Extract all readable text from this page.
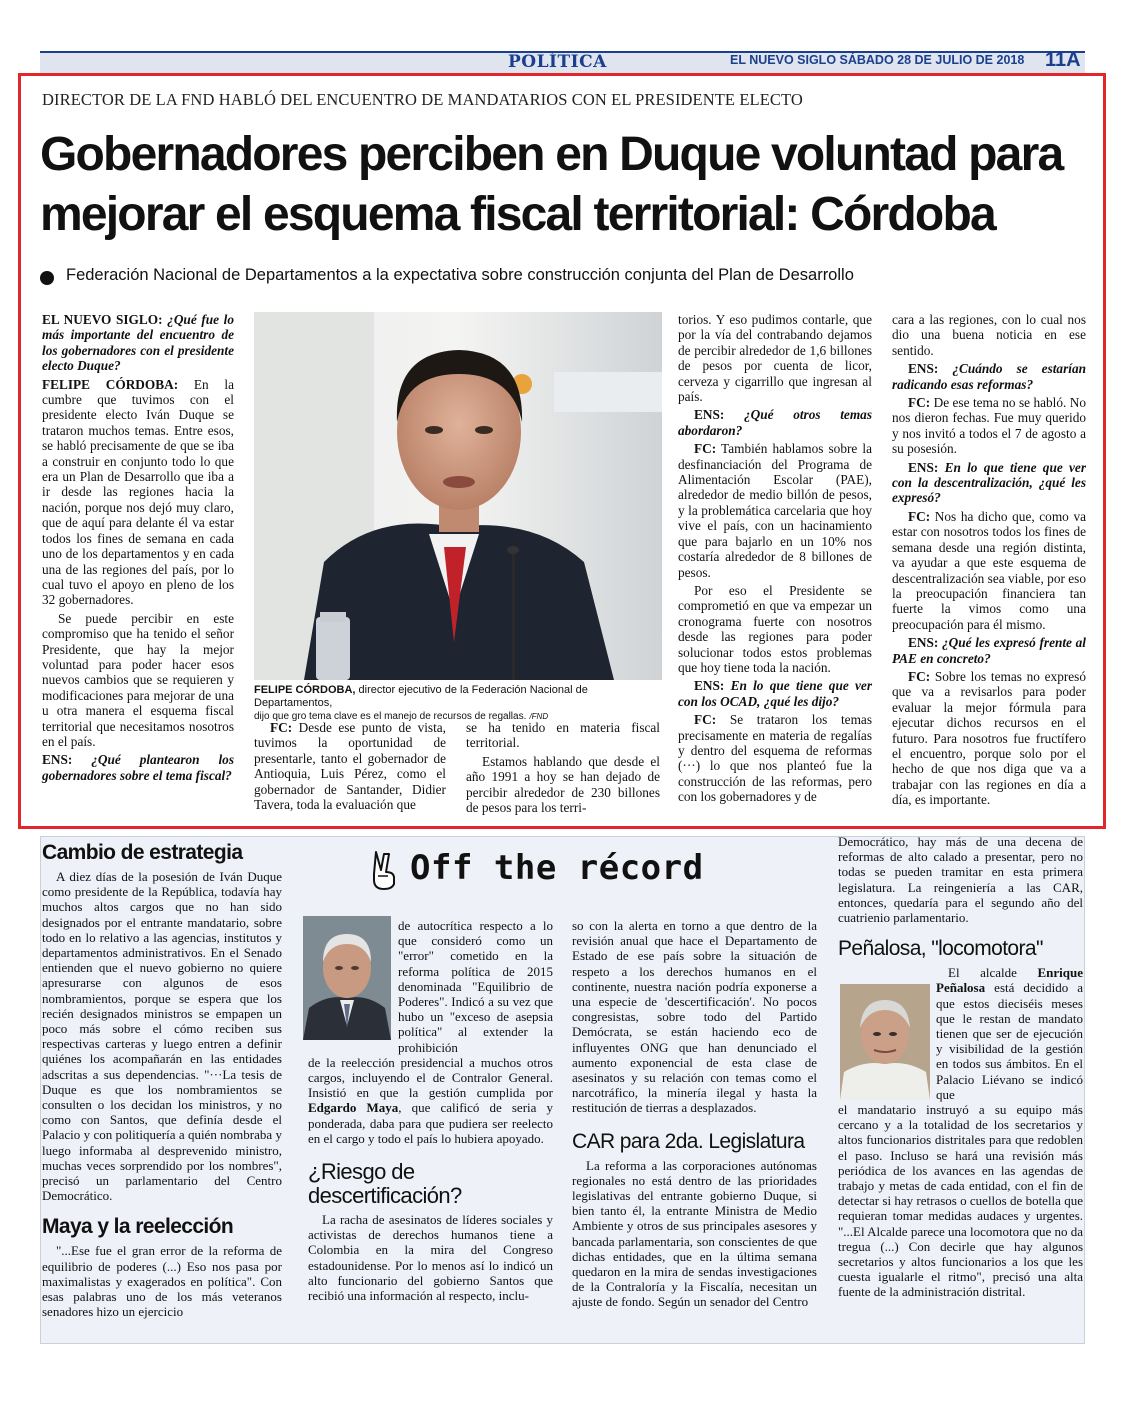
POLÍTICA	EL NUEVO SIGLO SÁBADO 28 DE JULIO DE 2018 11A
DIRECTOR DE LA FND HABLÓ DEL ENCUENTRO DE MANDATARIOS CON EL PRESIDENTE ELECTO
Gobernadores perciben en Duque voluntad para
mejorar el esquema fiscal territorial: Córdoba
Federación Nacional de Departamentos a la expectativa sobre construcción conjunta del Plan de Desarrollo
FELIPE CÓRDOBA, director ejecutivo de la Federación Nacional de Departamentos,
dijo que gro tema clave es el manejo de recursos de regallas. /FND

EL NUEVO SIGLO: ¿Qué fue lo más importante del encuentro de los gobernadores con el presidente electo Duque?

FELIPE CÓRDOBA: En la cumbre que tuvimos con el presidente electo Iván Duque se trataron muchos temas. Entre esos, se habló precisamente de que se iba a construir en conjunto todo lo que era un Plan de Desarrollo que iba a ir desde las regiones hacia la nación, porque nos dejó muy claro, que de aquí para delante él va estar todos los fines de semana en cada uno de los departamentos y en cada una de las regiones del país, por lo cual tuvo el apoyo en pleno de los 32 gobernadores.

Se puede percibir en este compromiso que ha tenido el señor Presidente, que hay la mejor voluntad para poder hacer esos nuevos cambios que se requieren y modificaciones para mejorar de una u otra manera el esquema fiscal territorial que necesitamos nosotros en el país.

ENS: ¿Qué plantearon los gobernadores sobre el tema fiscal?

FC: Desde ese punto de vista, tuvimos la oportunidad de presentarle, tanto el gobernador de Antioquia, Luis Pérez, como el gobernador de Santander, Didier Tavera, toda la evaluación que

se ha tenido en materia fiscal territorial.

Estamos hablando que desde el año 1991 a hoy se han dejado de percibir alrededor de 230 billones de pesos para los terri-

torios. Y eso pudimos contarle, que por la vía del contrabando dejamos de percibir alrededor de 1,6 billones de pesos por cuenta de licor, cerveza y cigarrillo que ingresan al país.

ENS: ¿Qué otros temas abordaron?

FC: También hablamos sobre la desfinanciación del Programa de Alimentación Escolar (PAE), alrededor de medio billón de pesos, y la problemática carcelaria que hoy vive el país, con un hacinamiento que para bajarlo en un 10% nos costaría alrededor de 8 billones de pesos.

Por eso el Presidente se comprometió en que va empezar un cronograma fuerte con nosotros desde las regiones para poder solucionar todos estos problemas que hoy tiene toda la nación.

ENS: En lo que tiene que ver con los OCAD, ¿qué les dijo?

FC: Se trataron los temas precisamente en materia de regalías y dentro del esquema de reformas (···) lo que nos planteó fue la construcción de las reformas, pero con los gobernadores y de

cara a las regiones, con lo cual nos dio una buena noticia en ese sentido.

ENS: ¿Cuándo se estarían radicando esas reformas?

FC: De ese tema no se habló. No nos dieron fechas. Fue muy querido y nos invitó a todos el 7 de agosto a su posesión.

ENS: En lo que tiene que ver con la descentralización, ¿qué les expresó?

FC: Nos ha dicho que, como va estar con nosotros todos los fines de semana desde una región distinta, va ayudar a que este esquema de descentralización sea viable, por eso la preocupación financiera tan fuerte la vimos como una preocupación para él mismo.

ENS: ¿Qué les expresó frente al PAE en concreto?

FC: Sobre los temas no expresó que va a revisarlos para poder evaluar la mejor fórmula para ejecutar dichos recursos en el futuro. Para nosotros fue fructífero el encuentro, porque solo por el hecho de que nos diga que va a trabajar con las regiones en día a día, es importante.

Off the récord
Cambio de estrategia

A diez días de la posesión de Iván Duque como presidente de la República, todavía hay muchos altos cargos que no han sido designados por el entrante mandatario, sobre todo en lo relativo a las agencias, institutos y departamentos administrativos. En el Senado entienden que el nuevo gobierno no quiere apresurarse con algunos de esos nombramientos, porque se espera que los recién designados ministros se empapen un poco más sobre el cómo reciben sus respectivas carteras y luego entren a definir quiénes los acompañarán en las entidades adscritas a sus dependencias. "···La tesis de Duque es que los nombramientos se consulten o los decidan los ministros, y no como con Santos, que definía desde el Palacio y con politiquería a quién nombraba y luego informaba al desprevenido ministro, muchas veces sorprendido por los nombres", precisó un parlamentario del Centro Democrático.

Maya y la reelección

"...Ese fue el gran error de la reforma de equilibrio de poderes (...) Eso nos pasa por maximalistas y exagerados en política". Con esas palabras uno de los más veteranos senadores hizo un ejercicio

de autocrítica respecto a lo que consideró como un "error" cometido en la reforma política de 2015 denominada "Equilibrio de Poderes". Indicó a su vez que hubo un "exceso de asepsia política" al extender la prohibición

de la reelección presidencial a muchos otros cargos, incluyendo el de Contralor General. Insistió en que la gestión cumplida por Edgardo Maya, que calificó de seria y ponderada, daba para que pudiera ser reelecto en el cargo y todo el país lo hubiera apoyado.

¿Riesgo de
descertificación?

La racha de asesinatos de líderes sociales y activistas de derechos humanos tiene a Colombia en la mira del Congreso estadounidense. Por lo menos así lo indicó un alto funcionario del gobierno Santos que recibió una información al respecto, inclu-

so con la alerta en torno a que dentro de la revisión anual que hace el Departamento de Estado de ese país sobre la situación de respeto a los derechos humanos en el continente, nuestra nación podría exponerse a una especie de 'descertificación'. No pocos congresistas, sobre todo del Partido Demócrata, se están haciendo eco de influyentes ONG que han denunciado el aumento exponencial de esta clase de asesinatos y su relación con temas como el narcotráfico, la minería ilegal y hasta la restitución de tierras a desplazados.

CAR para 2da. Legislatura

La reforma a las corporaciones autónomas regionales no está dentro de las prioridades legislativas del entrante gobierno Duque, si bien tanto él, la entrante Ministra de Medio Ambiente y otros de sus principales asesores y bancada parlamentaria, son conscientes de que dichas entidades, que en la última semana quedaron en la mira de sendas investigaciones de la Contraloría y la Fiscalía, necesitan un ajuste de fondo. Según un senador del Centro

Democrático, hay más de una decena de reformas de alto calado a presentar, pero no todas se pueden tramitar en esta primera legislatura. La reingeniería a las CAR, entonces, quedaría para el segundo año del cuatrienio parlamentario.

Peñalosa, "locomotora"

El alcalde Enrique Peñalosa está decidido a que estos dieciséis meses que le restan de mandato tienen que ser de ejecución y visibilidad de la gestión en todos sus ámbitos. En el Palacio Liévano se indicó que

el mandatario instruyó a su equipo más cercano y a la totalidad de los secretarios y altos funcionarios distritales para que redoblen el paso. Incluso se hará una revisión más periódica de los avances en las agendas de trabajo y metas de cada entidad, con el fin de detectar si hay retrasos o cuellos de botella que requieran tomar medidas audaces y urgentes. "...El Alcalde parece una locomotora que no da tregua (...) Con decirle que hay algunos secretarios y altos funcionarios a los que les cuesta igualarle el ritmo", precisó una alta fuente de la administración distrital.
